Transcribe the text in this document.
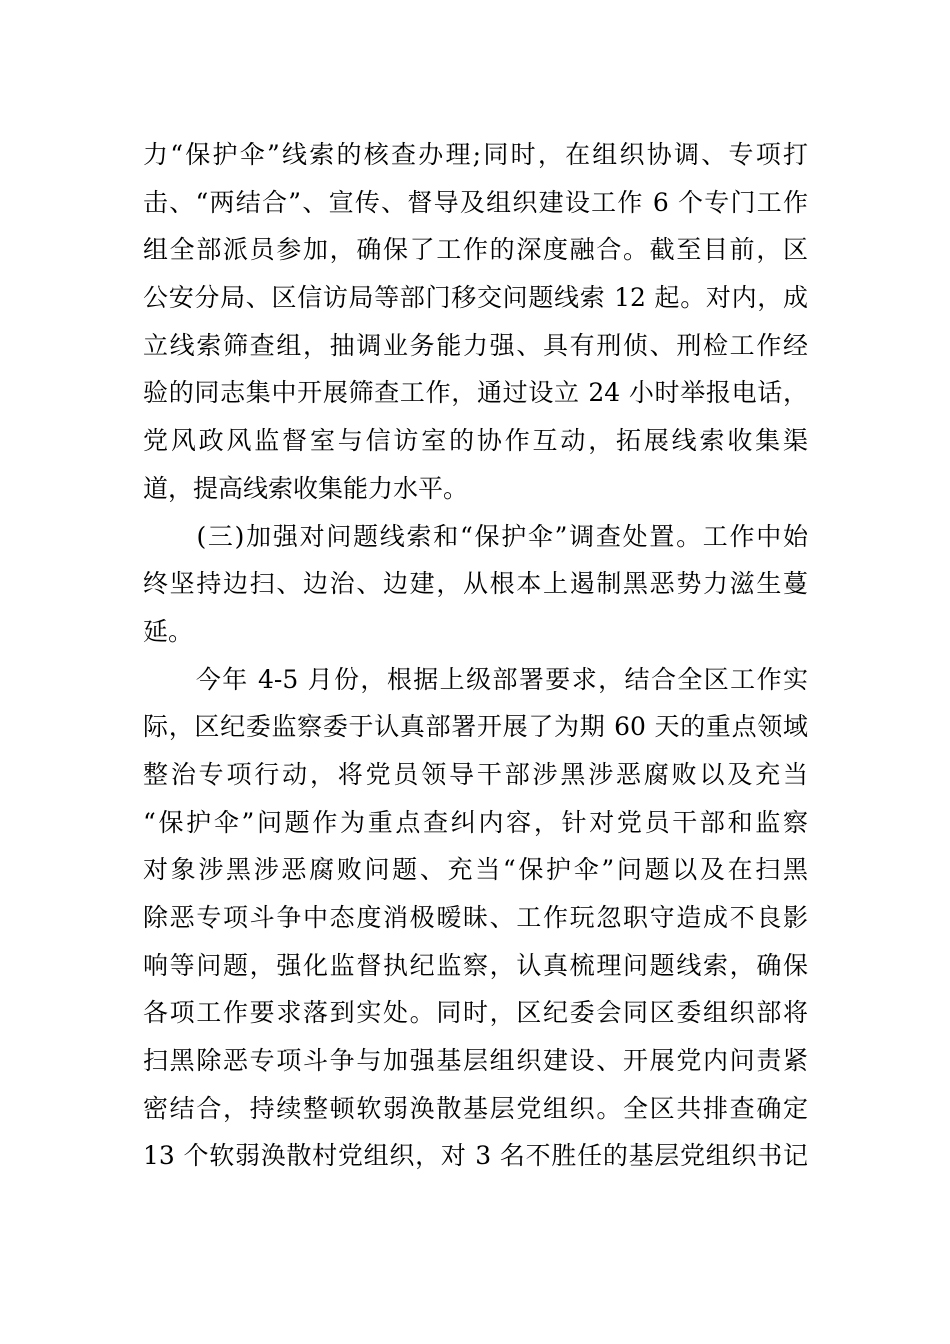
力“保护伞”线索的核查办理;同时，在组织协调、专项打
击、“两结合”、宣传、督导及组织建设工作 6 个专门工作
组全部派员参加，确保了工作的深度融合。截至目前，区
公安分局、区信访局等部门移交问题线索 12 起。对内，成
立线索筛查组，抽调业务能力强、具有刑侦、刑检工作经
验的同志集中开展筛查工作，通过设立 24 小时举报电话，
党风政风监督室与信访室的协作互动，拓展线索收集渠
道，提高线索收集能力水平。
　　(三)加强对问题线索和“保护伞”调查处置。工作中始
终坚持边扫、边治、边建，从根本上遏制黑恶势力滋生蔓
延。
　　今年 4-5 月份，根据上级部署要求，结合全区工作实
际，区纪委监察委于认真部署开展了为期 60 天的重点领域
整治专项行动，将党员领导干部涉黑涉恶腐败以及充当
“保护伞”问题作为重点查纠内容，针对党员干部和监察
对象涉黑涉恶腐败问题、充当“保护伞”问题以及在扫黑
除恶专项斗争中态度消极暧昧、工作玩忽职守造成不良影
响等问题，强化监督执纪监察，认真梳理问题线索，确保
各项工作要求落到实处。同时，区纪委会同区委组织部将
扫黑除恶专项斗争与加强基层组织建设、开展党内问责紧
密结合，持续整顿软弱涣散基层党组织。全区共排查确定
13 个软弱涣散村党组织，对 3 名不胜任的基层党组织书记
